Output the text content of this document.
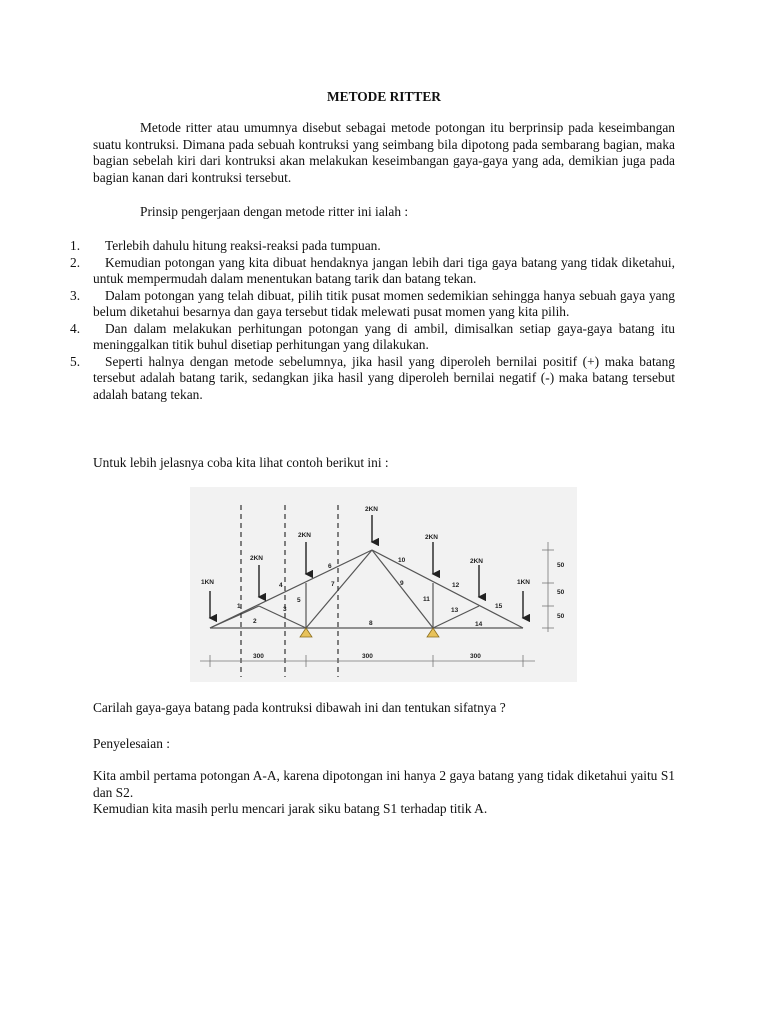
METODE RITTER

Metode ritter atau umumnya disebut sebagai metode potongan itu berprinsip pada keseimbangan suatu kontruksi. Dimana pada sebuah kontruksi yang seimbang bila dipotong pada sembarang bagian, maka bagian sebelah kiri dari kontruksi akan melakukan keseimbangan gaya-gaya yang ada, demikian juga pada bagian kanan dari kontruksi tersebut.

Prinsip pengerjaan dengan metode ritter ini ialah :

1.	Terlebih dahulu hitung reaksi-reaksi pada tumpuan.
2.	Kemudian potongan yang kita dibuat hendaknya jangan lebih dari tiga gaya batang yang tidak diketahui, untuk mempermudah dalam menentukan batang tarik dan batang tekan.
3.	Dalam potongan yang telah dibuat, pilih titik pusat momen sedemikian sehingga hanya sebuah gaya yang belum diketahui besarnya dan gaya tersebut tidak melewati pusat momen yang kita pilih.
4.	Dan dalam melakukan perhitungan potongan yang di ambil, dimisalkan setiap gaya-gaya batang itu meninggalkan titik buhul disetiap perhitungan yang dilakukan.
5.	Seperti halnya dengan metode sebelumnya, jika hasil yang diperoleh bernilai positif (+) maka batang tersebut adalah batang tarik, sedangkan jika hasil yang diperoleh bernilai negatif (-) maka batang tersebut adalah batang tekan.

Untuk lebih jelasnya coba kita lihat contoh berikut ini :

1KN
2KN
2KN
2KN
2KN
2KN
1KN
1
2
3
4
5
6
7
8
9
10
11
12
13
14
15
300	300	300
50
50
50

Carilah gaya-gaya batang pada kontruksi dibawah ini dan tentukan sifatnya ?

Penyelesaian :

Kita ambil pertama potongan A-A, karena dipotongan ini hanya 2 gaya batang yang tidak diketahui yaitu S1 dan S2.

Kemudian kita masih perlu mencari jarak siku batang S1 terhadap titik A.
